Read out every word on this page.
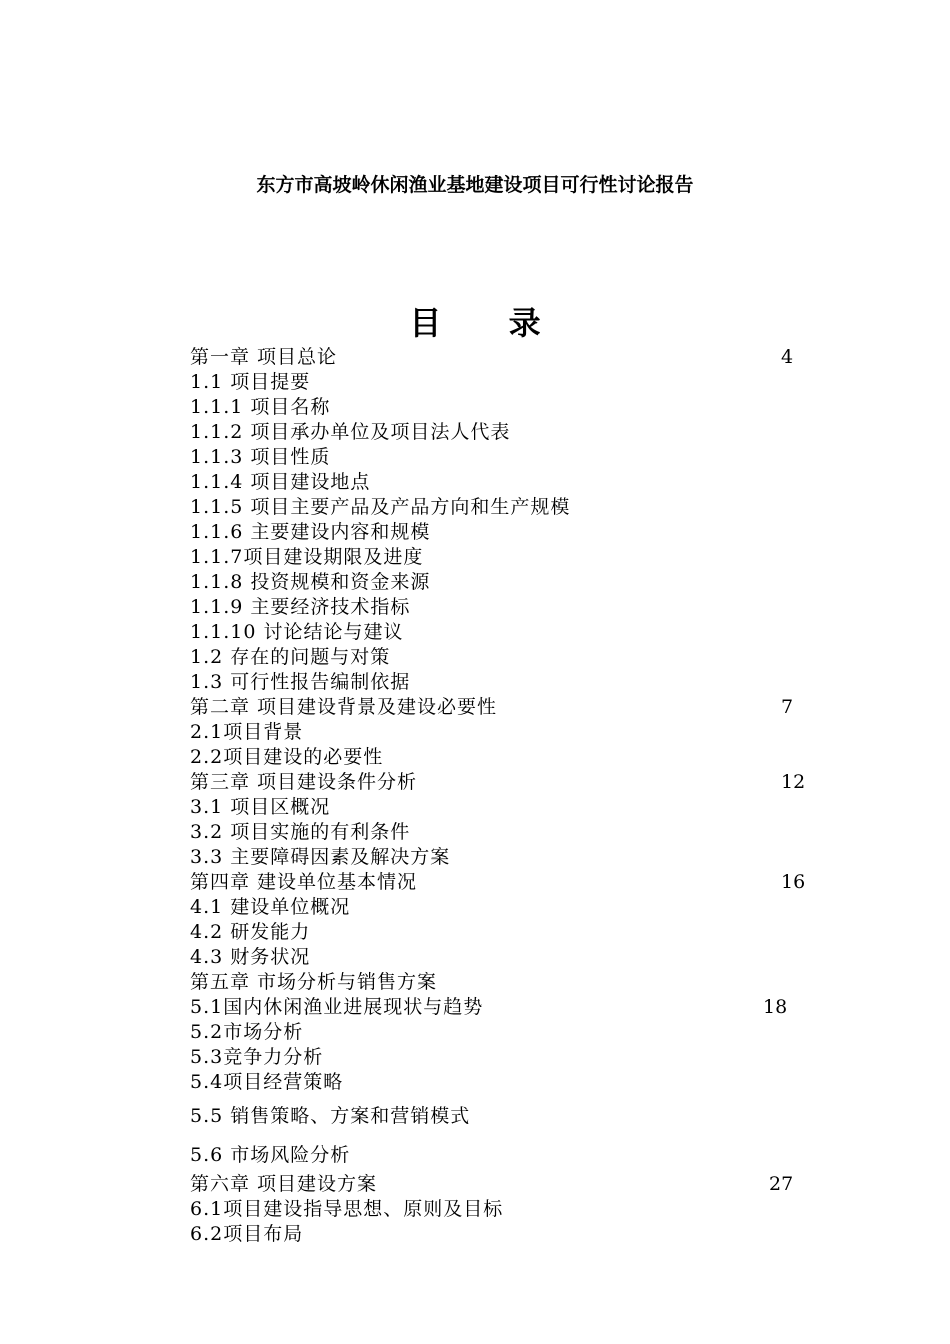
东方市高坡岭休闲渔业基地建设项目可行性讨论报告
目 录
第一章 项目总论	4
1.1 项目提要
1.1.1 项目名称
1.1.2 项目承办单位及项目法人代表
1.1.3 项目性质
1.1.4 项目建设地点
1.1.5 项目主要产品及产品方向和生产规模
1.1.6 主要建设内容和规模
1.1.7项目建设期限及进度
1.1.8 投资规模和资金来源
1.1.9 主要经济技术指标
1.1.10 讨论结论与建议
1.2 存在的问题与对策
1.3 可行性报告编制依据
第二章 项目建设背景及建设必要性	7
2.1项目背景
2.2项目建设的必要性
第三章 项目建设条件分析	12
3.1 项目区概况
3.2 项目实施的有利条件
3.3 主要障碍因素及解决方案
第四章 建设单位基本情况	16
4.1 建设单位概况
4.2 研发能力
4.3 财务状况
第五章 市场分析与销售方案
5.1国内休闲渔业进展现状与趋势	18
5.2市场分析
5.3竞争力分析
5.4项目经营策略
5.5 销售策略、方案和营销模式
5.6 市场风险分析
第六章 项目建设方案	27
6.1项目建设指导思想、原则及目标
6.2项目布局
